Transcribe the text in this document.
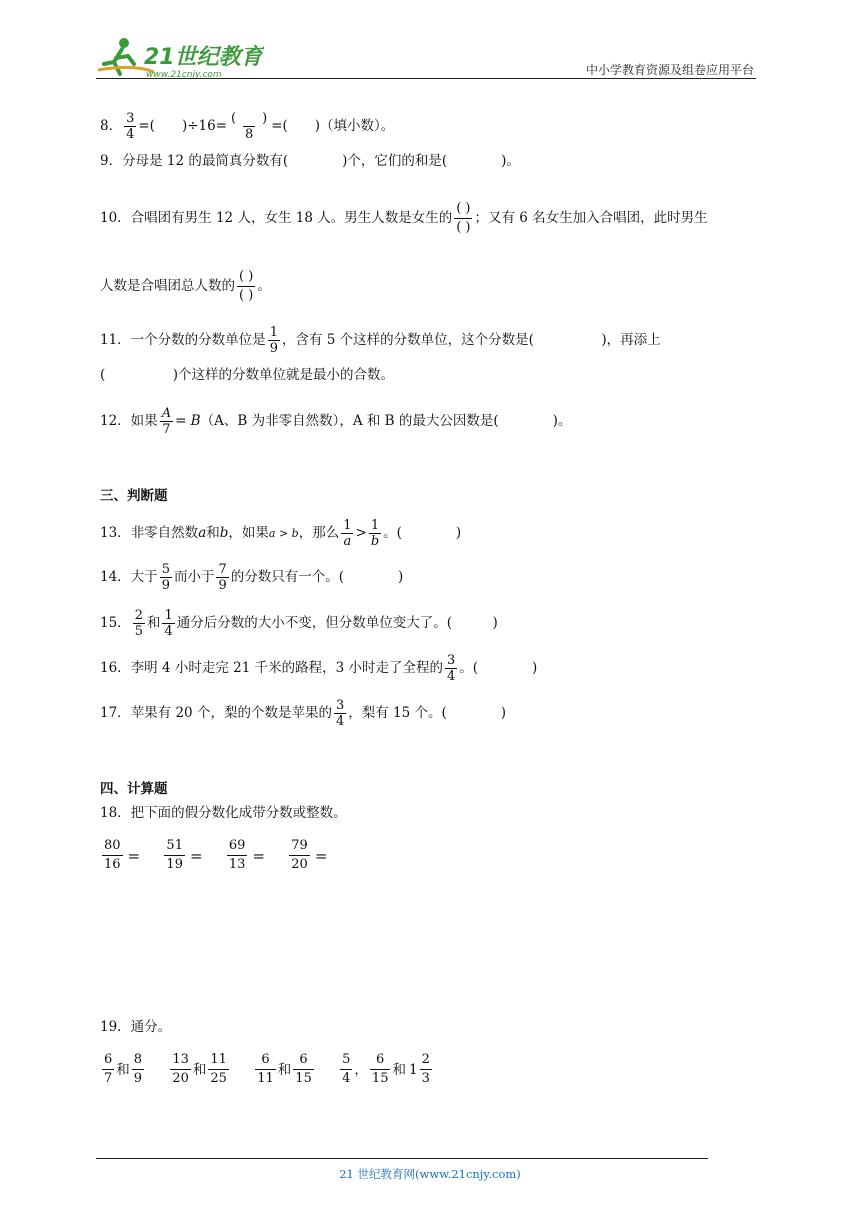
21世纪教育
www.21cnjy.com	中小学教育资源及组卷应用平台
8． $\frac{3}{4}$ =(　　)$\div 16= \frac{( )}{8}$ =(　　)（填小数）。
9．分母是 12 的最简真分数有(　　　　)个，它们的和是(　　　　)。
10．合唱团有男生 12 人，女生 18 人。男生人数是女生的 $\frac{( )}{( )}$ ；又有 6 名女生加入合唱团，此时男生
人数是合唱团总人数的 $\frac{( )}{( )}$ 。
11．一个分数的分数单位是 $\frac{1}{9}$ ，含有 5 个这样的分数单位，这个分数是(　　　　　)，再添上
(　　　　　)个这样的分数单位就是最小的合数。
12．如果 $\frac{A}{7} = B(A$、B 为非零自然数），A 和 B 的最大公因数是(　　　　)。
三、判断题
13．非零自然数a和b，如果a > b，那么 $\frac{1}{a} > \frac{1}{b}$ 。(　　　　)
14．大于 $\frac{5}{9}$ 而小于 $\frac{7}{9}$ 的分数只有一个。(　　　　)
15． $\frac{2}{5}$ 和 $\frac{1}{4}$ 通分后分数的大小不变，但分数单位变大了。(　　　)
16．李明 4 小时走完 21 千米的路程，3 小时走了全程的 $\frac{3}{4}$ 。(　　　　)
17．苹果有 20 个，梨的个数是苹果的 $\frac{3}{4}$ ，梨有 15 个。(　　　　)
四、计算题
18．把下面的假分数化成带分数或整数。
$\frac{80}{16}$ =
$\frac{51}{19}$ =
$\frac{69}{13}$ =
$\frac{79}{20}$ =
19．通分。
$\frac{6}{7}$ 和 $\frac{8}{9}$
$\frac{13}{20}$ 和 $\frac{11}{25}$
$\frac{6}{11}$ 和 $\frac{6}{15}$
$\frac{5}{4}$ ， $\frac{6}{15}$ 和 $1 \frac{2}{3}$
21 世纪教育网(www.21cnjy.com)
